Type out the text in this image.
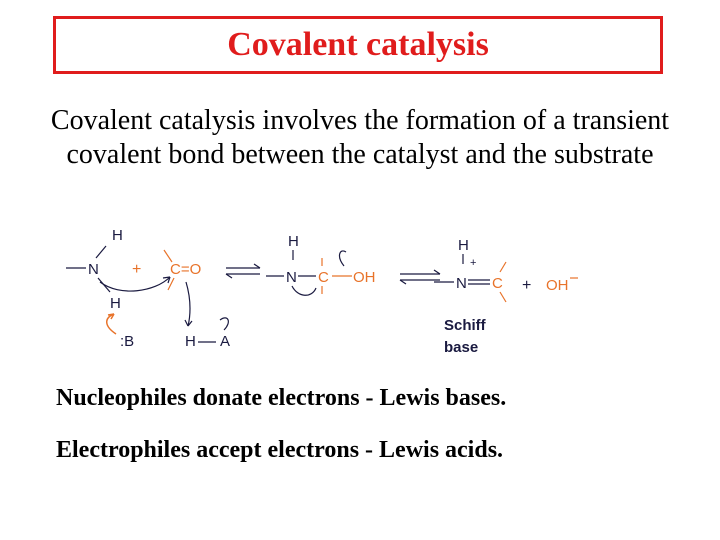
Covalent catalysis
Covalent catalysis involves the formation of a transient covalent bond between the catalyst and the substrate
H
N
H
:B
+ C=O
H A
H
N C OH
H
+
N C + OH
Schiff
base

Nucleophiles donate electrons - Lewis bases.

Electrophiles accept electrons - Lewis acids.
